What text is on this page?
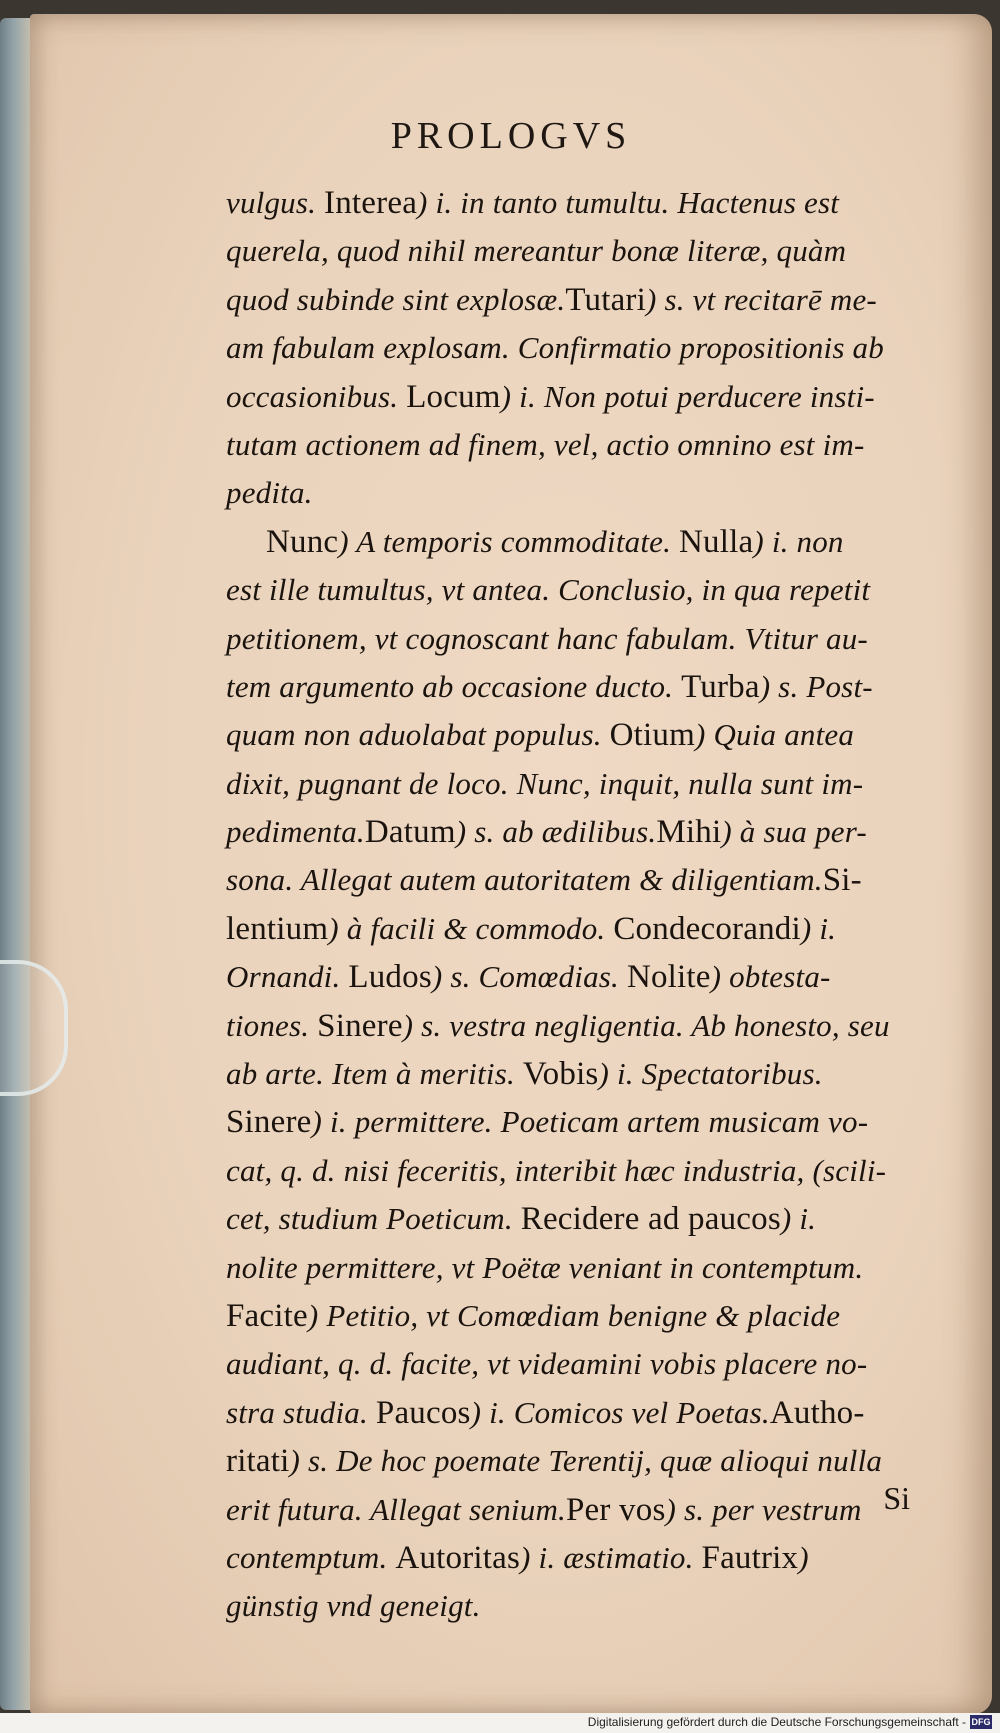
PROLOGVS
vulgus. Interea) i. in tanto tumultu. Hactenus est
querela, quod nihil mereantur bonæ literæ, quàm
quod subinde sint explosæ.Tutari) s. vt recitarē me-
am fabulam explosam. Confirmatio propositionis ab
occasionibus. Locum) i. Non potui perducere insti-
tutam actionem ad finem, vel, actio omnino est im-
pedita.
Nunc) A temporis commoditate. Nulla) i. non
est ille tumultus, vt antea. Conclusio, in qua repetit
petitionem, vt cognoscant hanc fabulam. Vtitur au-
tem argumento ab occasione ducto. Turba) s. Post-
quam non aduolabat populus. Otium) Quia antea
dixit, pugnant de loco. Nunc, inquit, nulla sunt im-
pedimenta.Datum) s. ab ædilibus.Mihi) à sua per-
sona. Allegat autem autoritatem & diligentiam.Si-
lentium) à facili & commodo. Condecorandi) i.
Ornandi. Ludos) s. Comœdias. Nolite) obtesta-
tiones. Sinere) s. vestra negligentia. Ab honesto, seu
ab arte. Item à meritis. Vobis) i. Spectatoribus.
Sinere) i. permittere. Poeticam artem musicam vo-
cat, q. d. nisi feceritis, interibit hæc industria, (scili-
cet, studium Poeticum. Recidere ad paucos) i.
nolite permittere, vt Poëtæ veniant in contemptum.
Facite) Petitio, vt Comœdiam benigne & placide
audiant, q. d. facite, vt videamini vobis placere no-
stra studia. Paucos) i. Comicos vel Poetas.Autho-
ritati) s. De hoc poemate Terentij, quæ alioqui nulla
erit futura. Allegat senium.Per vos) s. per vestrum
contemptum. Autoritas) i. æstimatio. Fautrix)
günstig vnd geneigt.
Si
Digitalisierung gefördert durch die Deutsche Forschungsgemeinschaft - DFG
